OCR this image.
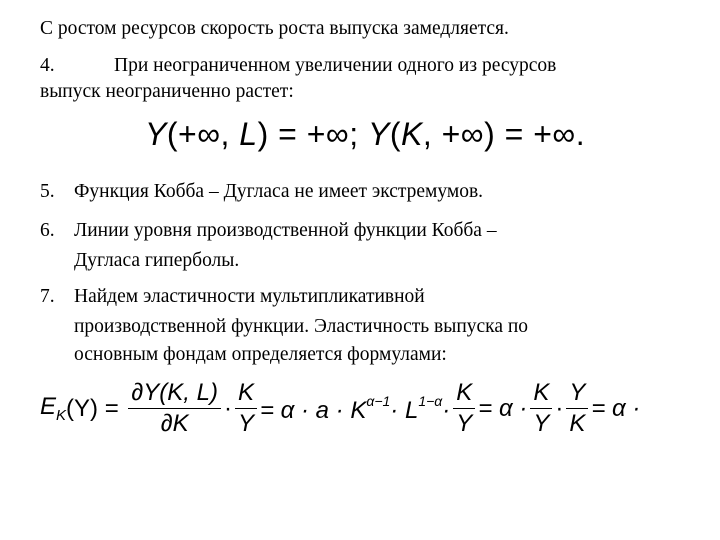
С ростом ресурсов скорость роста выпуска замедляется.
4.	При неограниченном увеличении одного из ресурсов
выпуск неограниченно растет:
Y(+∞, L) = +∞; Y(K, +∞) = +∞.
5. Функция Кобба – Дугласа не имеет экстремумов.
6. Линии уровня производственной функции Кобба –
Дугласа гиперболы.
7. Найдем эластичности мультипликативной
производственной функции. Эластичность выпуска по
основным фондам определяется формулами:
$E_K(Y) = \frac{\partial Y(K, L)}{\partial K} \cdot \frac{K}{Y} = \alpha \cdot a \cdot K^{\alpha-1}\cdot L^{1-\alpha}\cdot \frac{K}{Y} = \alpha \cdot \frac{K}{Y} \cdot \frac{Y}{K} = \alpha$ ·
